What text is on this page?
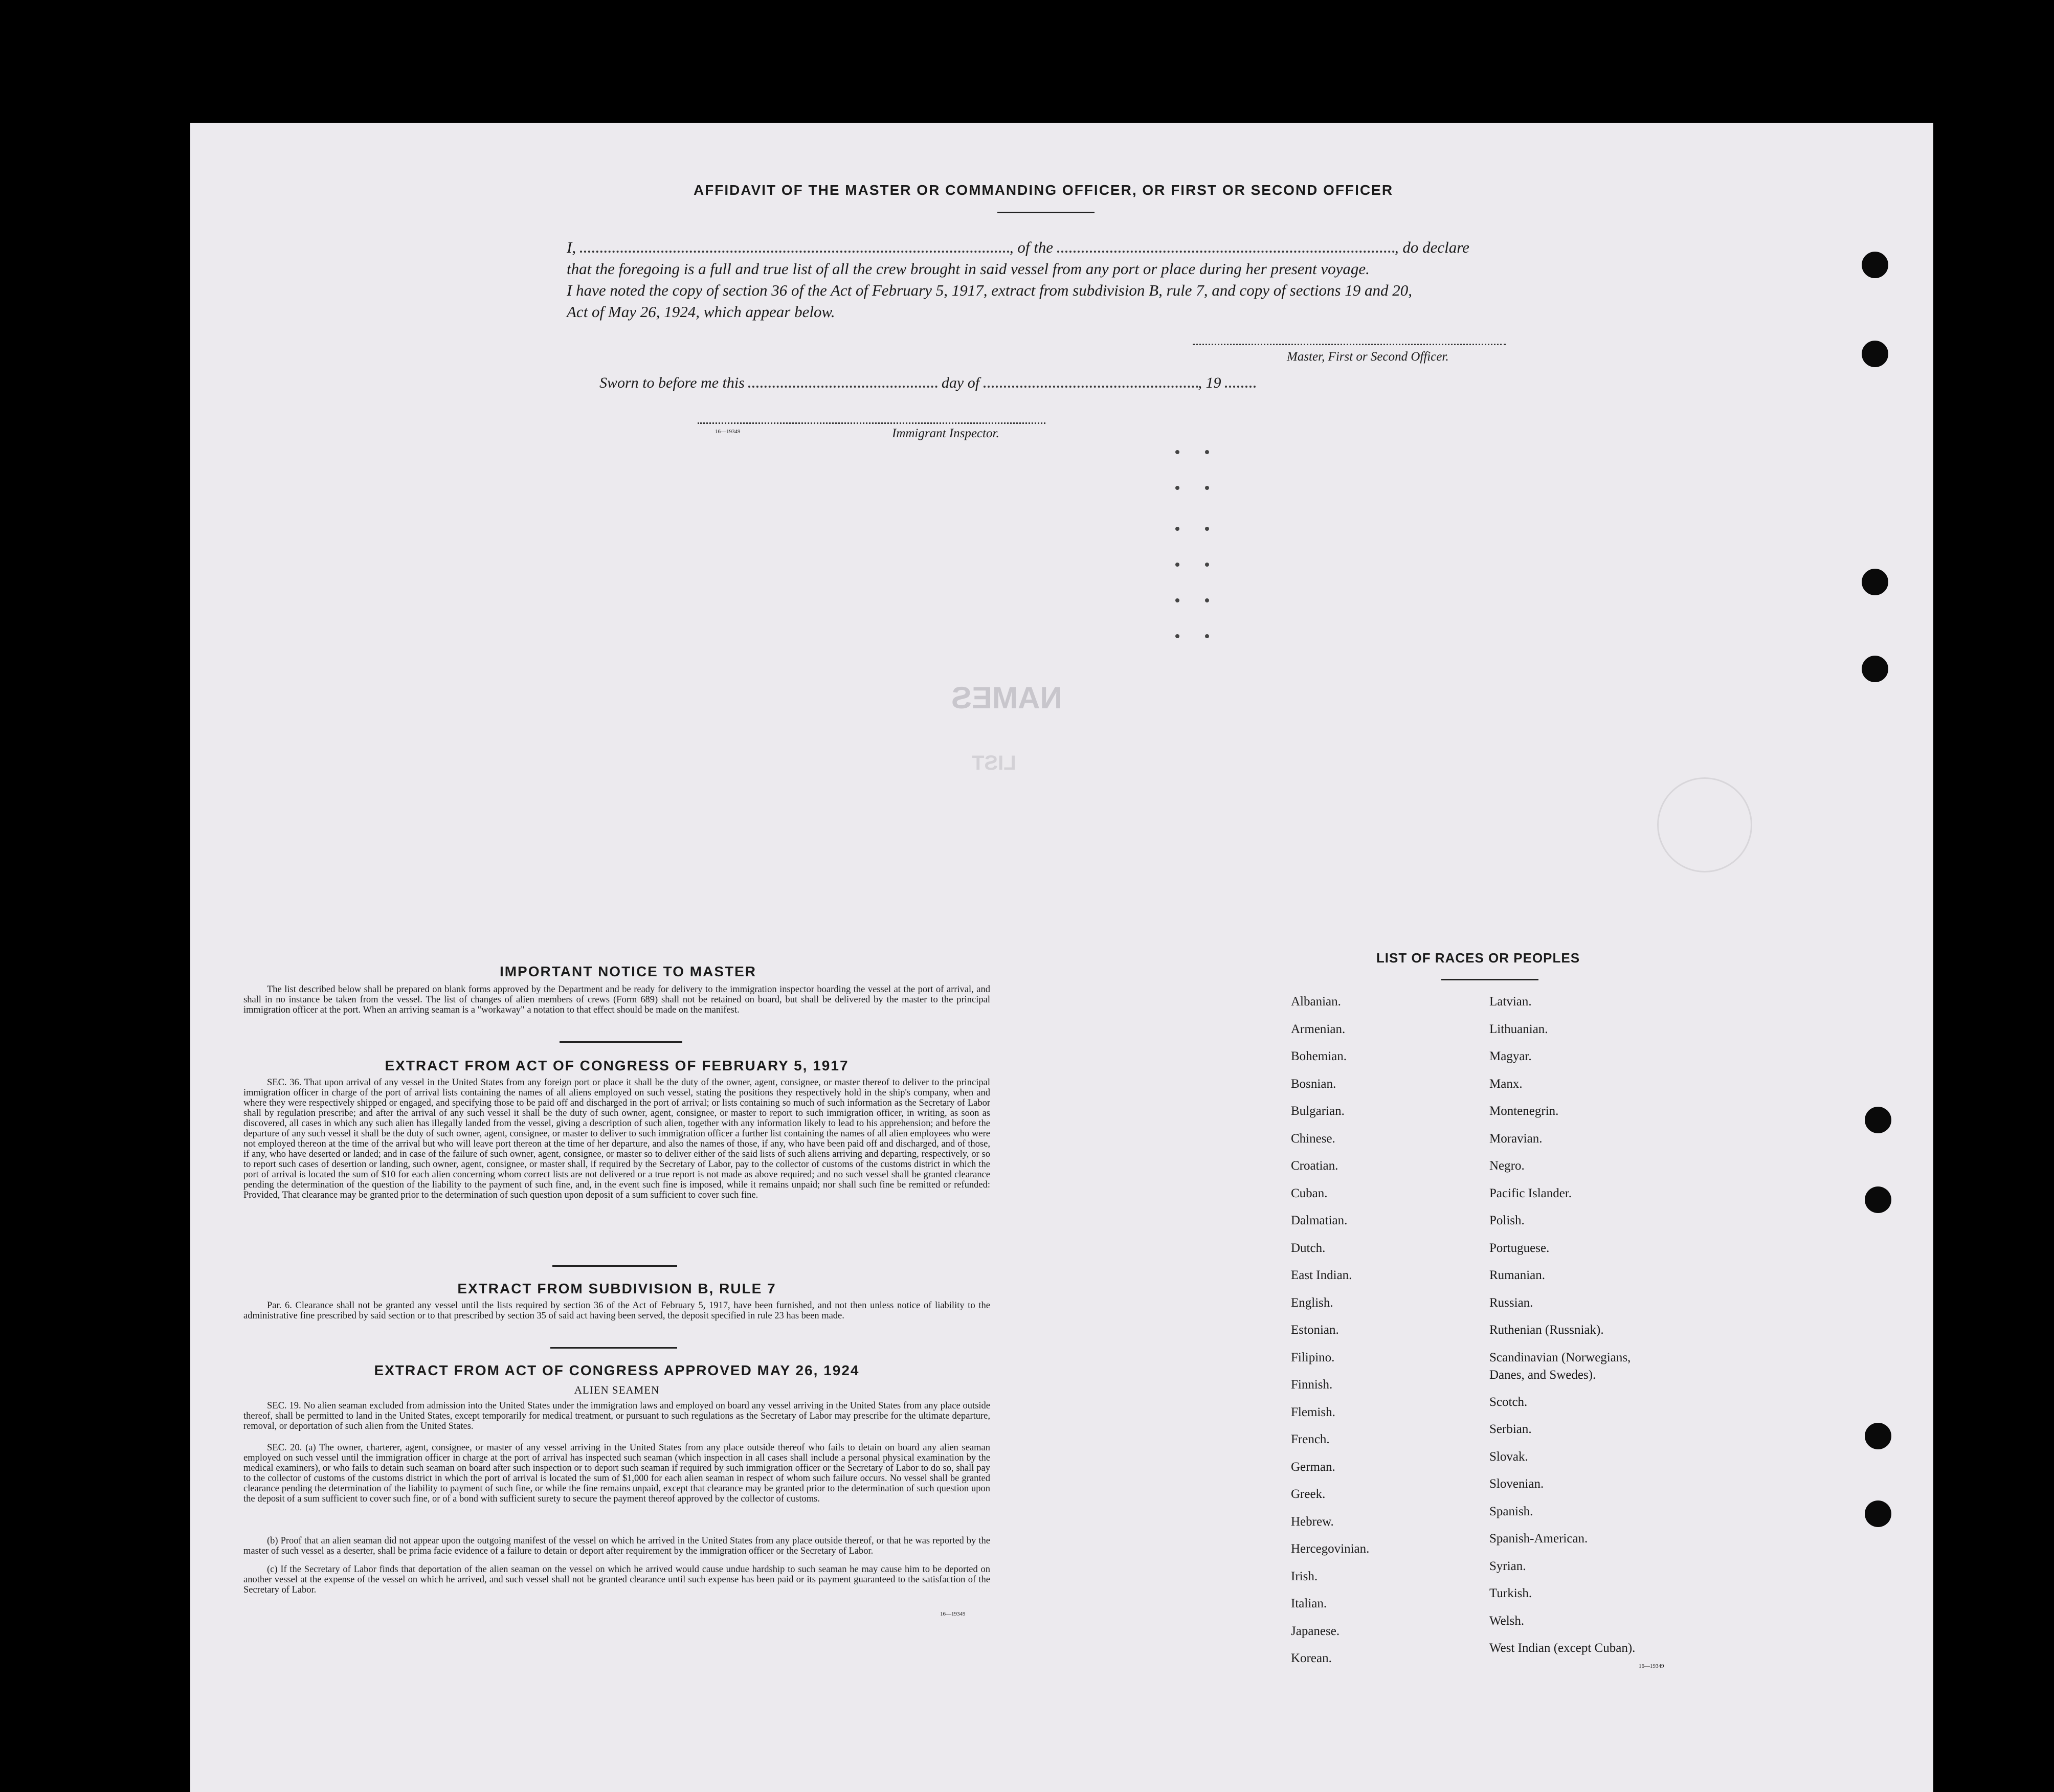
NAMES
LIST
AFFIDAVIT OF THE MASTER OR COMMANDING OFFICER, OR FIRST OR SECOND OFFICER
I,	, of the	, do declare
that the foregoing is a full and true list of all the crew brought in said vessel from any port or place during her present voyage.
I have noted the copy of section 36 of the Act of February 5, 1917, extract from subdivision B, rule 7, and copy of sections 19 and 20,
Act of May 26, 1924, which appear below.
Master, First or Second Officer.
Sworn to before me this	day of	, 19
16—19349	Immigrant Inspector.
IMPORTANT NOTICE TO MASTER
The list described below shall be prepared on blank forms approved by the Department and be ready for delivery to the immigration inspector boarding the vessel at the port of arrival, and shall in no instance be taken from the vessel. The list of changes of alien members of crews (Form 689) shall not be retained on board, but shall be delivered by the master to the principal immigration officer at the port. When an arriving seaman is a "workaway" a notation to that effect should be made on the manifest.
EXTRACT FROM ACT OF CONGRESS OF FEBRUARY 5, 1917
SEC. 36. That upon arrival of any vessel in the United States from any foreign port or place it shall be the duty of the owner, agent, consignee, or master thereof to deliver to the principal immigration officer in charge of the port of arrival lists containing the names of all aliens employed on such vessel, stating the positions they respectively hold in the ship's company, when and where they were respectively shipped or engaged, and specifying those to be paid off and discharged in the port of arrival; or lists containing so much of such information as the Secretary of Labor shall by regulation prescribe; and after the arrival of any such vessel it shall be the duty of such owner, agent, consignee, or master to report to such immigration officer, in writing, as soon as discovered, all cases in which any such alien has illegally landed from the vessel, giving a description of such alien, together with any information likely to lead to his apprehension; and before the departure of any such vessel it shall be the duty of such owner, agent, consignee, or master to deliver to such immigration officer a further list containing the names of all alien employees who were not employed thereon at the time of the arrival but who will leave port thereon at the time of her departure, and also the names of those, if any, who have been paid off and discharged, and of those, if any, who have deserted or landed; and in case of the failure of such owner, agent, consignee, or master so to deliver either of the said lists of such aliens arriving and departing, respectively, or so to report such cases of desertion or landing, such owner, agent, consignee, or master shall, if required by the Secretary of Labor, pay to the collector of customs of the customs district in which the port of arrival is located the sum of $10 for each alien concerning whom correct lists are not delivered or a true report is not made as above required; and no such vessel shall be granted clearance pending the determination of the question of the liability to the payment of such fine, and, in the event such fine is imposed, while it remains unpaid; nor shall such fine be remitted or refunded: Provided, That clearance may be granted prior to the determination of such question upon deposit of a sum sufficient to cover such fine.
EXTRACT FROM SUBDIVISION B, RULE 7
Par. 6. Clearance shall not be granted any vessel until the lists required by section 36 of the Act of February 5, 1917, have been furnished, and not then unless notice of liability to the administrative fine prescribed by said section or to that prescribed by section 35 of said act having been served, the deposit specified in rule 23 has been made.
EXTRACT FROM ACT OF CONGRESS APPROVED MAY 26, 1924
ALIEN SEAMEN
SEC. 19. No alien seaman excluded from admission into the United States under the immigration laws and employed on board any vessel arriving in the United States from any place outside thereof, shall be permitted to land in the United States, except temporarily for medical treatment, or pursuant to such regulations as the Secretary of Labor may prescribe for the ultimate departure, removal, or deportation of such alien from the United States.
SEC. 20. (a) The owner, charterer, agent, consignee, or master of any vessel arriving in the United States from any place outside thereof who fails to detain on board any alien seaman employed on such vessel until the immigration officer in charge at the port of arrival has inspected such seaman (which inspection in all cases shall include a personal physical examination by the medical examiners), or who fails to detain such seaman on board after such inspection or to deport such seaman if required by such immigration officer or the Secretary of Labor to do so, shall pay to the collector of customs of the customs district in which the port of arrival is located the sum of $1,000 for each alien seaman in respect of whom such failure occurs. No vessel shall be granted clearance pending the determination of the liability to payment of such fine, or while the fine remains unpaid, except that clearance may be granted prior to the determination of such question upon the deposit of a sum sufficient to cover such fine, or of a bond with sufficient surety to secure the payment thereof approved by the collector of customs.
(b) Proof that an alien seaman did not appear upon the outgoing manifest of the vessel on which he arrived in the United States from any place outside thereof, or that he was reported by the master of such vessel as a deserter, shall be prima facie evidence of a failure to detain or deport after requirement by the immigration officer or the Secretary of Labor.
(c) If the Secretary of Labor finds that deportation of the alien seaman on the vessel on which he arrived would cause undue hardship to such seaman he may cause him to be deported on another vessel at the expense of the vessel on which he arrived, and such vessel shall not be granted clearance until such expense has been paid or its payment guaranteed to the satisfaction of the Secretary of Labor.
16—19349
LIST OF RACES OR PEOPLES
Albanian.
Armenian.
Bohemian.
Bosnian.
Bulgarian.
Chinese.
Croatian.
Cuban.
Dalmatian.
Dutch.
East Indian.
English.
Estonian.
Filipino.
Finnish.
Flemish.
French.
German.
Greek.
Hebrew.
Hercegovinian.
Irish.
Italian.
Japanese.
Korean.
Latvian.
Lithuanian.
Magyar.
Manx.
Montenegrin.
Moravian.
Negro.
Pacific Islander.
Polish.
Portuguese.
Rumanian.
Russian.
Ruthenian (Russniak).
Scandinavian (Norwegians,
Danes, and Swedes).
Scotch.
Serbian.
Slovak.
Slovenian.
Spanish.
Spanish-American.
Syrian.
Turkish.
Welsh.
West Indian (except Cuban).
16—19349
